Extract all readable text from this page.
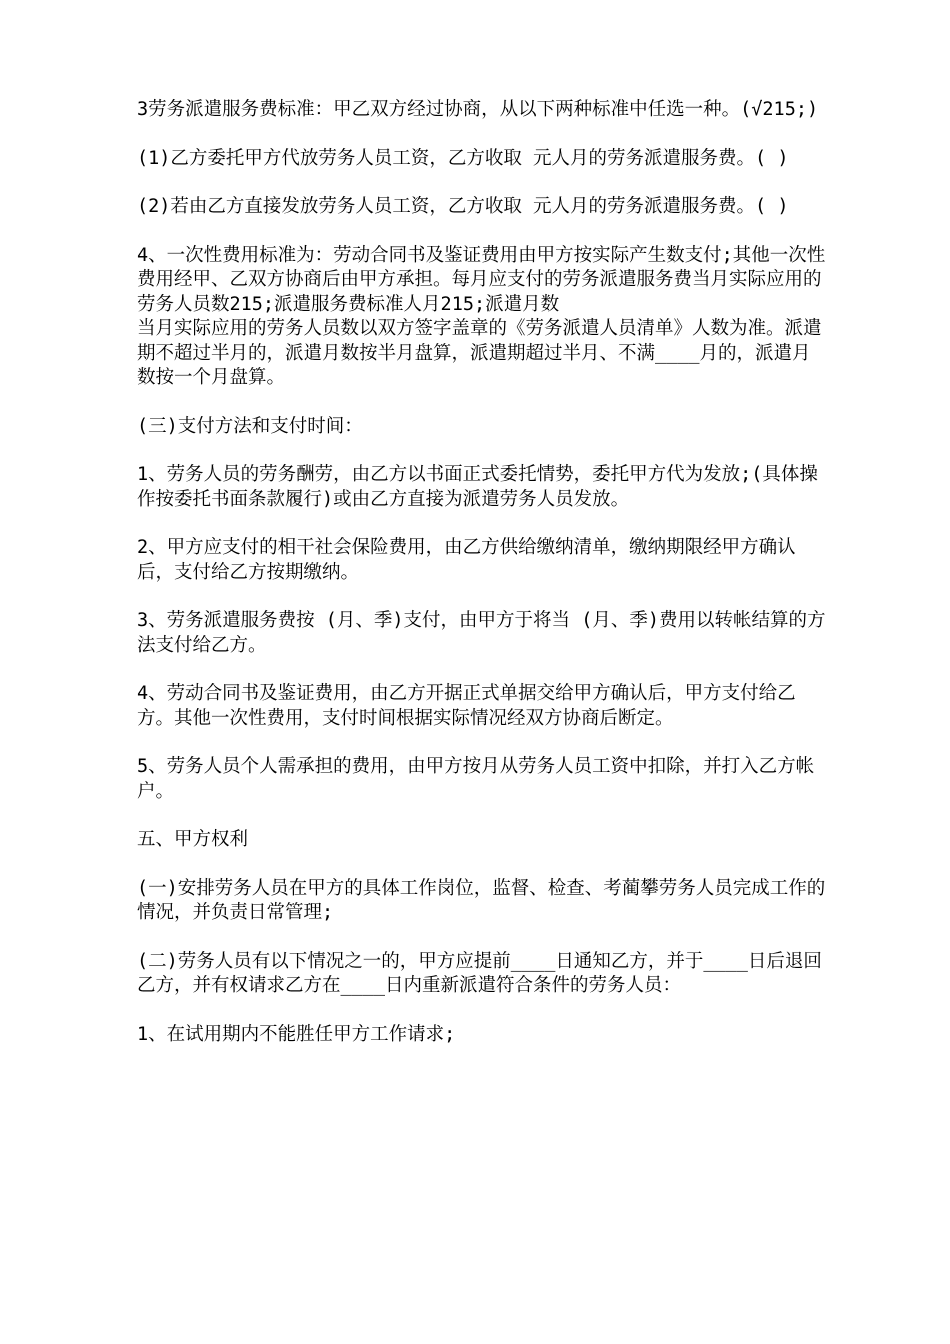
3劳务派遣服务费标准：甲乙双方经过协商，从以下两种标准中任选一种。(√215;)

(1)乙方委托甲方代放劳务人员工资，乙方收取 元人月的劳务派遣服务费。( )

(2)若由乙方直接发放劳务人员工资，乙方收取 元人月的劳务派遣服务费。( )

4、一次性费用标准为：劳动合同书及鉴证费用由甲方按实际产生数支付;其他一次性费用经甲、乙双方协商后由甲方承担。每月应支付的劳务派遣服务费当月实际应用的劳务人员数215;派遣服务费标准人月215;派遣月数

当月实际应用的劳务人员数以双方签字盖章的《劳务派遣人员清单》人数为准。派遣期不超过半月的，派遣月数按半月盘算，派遣期超过半月、不满____月的，派遣月数按一个月盘算。

(三)支付方法和支付时间：

1、劳务人员的劳务酬劳，由乙方以书面正式委托情势，委托甲方代为发放;(具体操作按委托书面条款履行)或由乙方直接为派遣劳务人员发放。

2、甲方应支付的相干社会保险费用，由乙方供给缴纳清单，缴纳期限经甲方确认后，支付给乙方按期缴纳。

3、劳务派遣服务费按 (月、季)支付，由甲方于将当 (月、季)费用以转帐结算的方法支付给乙方。

4、劳动合同书及鉴证费用，由乙方开据正式单据交给甲方确认后，甲方支付给乙方。其他一次性费用，支付时间根据实际情况经双方协商后断定。

5、劳务人员个人需承担的费用，由甲方按月从劳务人员工资中扣除，并打入乙方帐户。

五、甲方权利

(一)安排劳务人员在甲方的具体工作岗位，监督、检查、考蔺攀劳务人员完成工作的情况，并负责日常管理;

(二)劳务人员有以下情况之一的，甲方应提前____日通知乙方，并于____日后退回乙方，并有权请求乙方在____日内重新派遣符合条件的劳务人员：

1、在试用期内不能胜任甲方工作请求;
